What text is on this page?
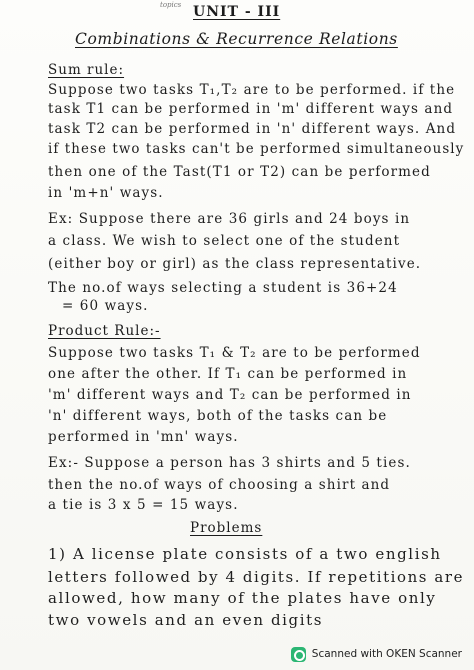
topics UNIT - III
Combinations & Recurrence Relations
Sum rule:
Suppose two tasks T₁,T₂ are to be performed. if the
task T1 can be performed in 'm' different ways and
task T2 can be performed in 'n' different ways. And
if these two tasks can't be performed simultaneously
then one of the Tast(T1 or T2) can be performed
in 'm+n' ways.
Ex: Suppose there are 36 girls and 24 boys in
a class. We wish to select one of the student
(either boy or girl) as the class representative.
The no.of ways selecting a student is 36+24
= 60 ways.
Product Rule:-
Suppose two tasks T₁ & T₂ are to be performed
one after the other. If T₁ can be performed in
'm' different ways and T₂ can be performed in
'n' different ways, both of the tasks can be
performed in 'mn' ways.
Ex:- Suppose a person has 3 shirts and 5 ties.
then the no.of ways of choosing a shirt and
a tie is 3 x 5 = 15 ways.
Problems
1) A license plate consists of a two english
letters followed by 4 digits. If repetitions are
allowed, how many of the plates have only
two vowels and an even digits
Scanned with OKEN Scanner
